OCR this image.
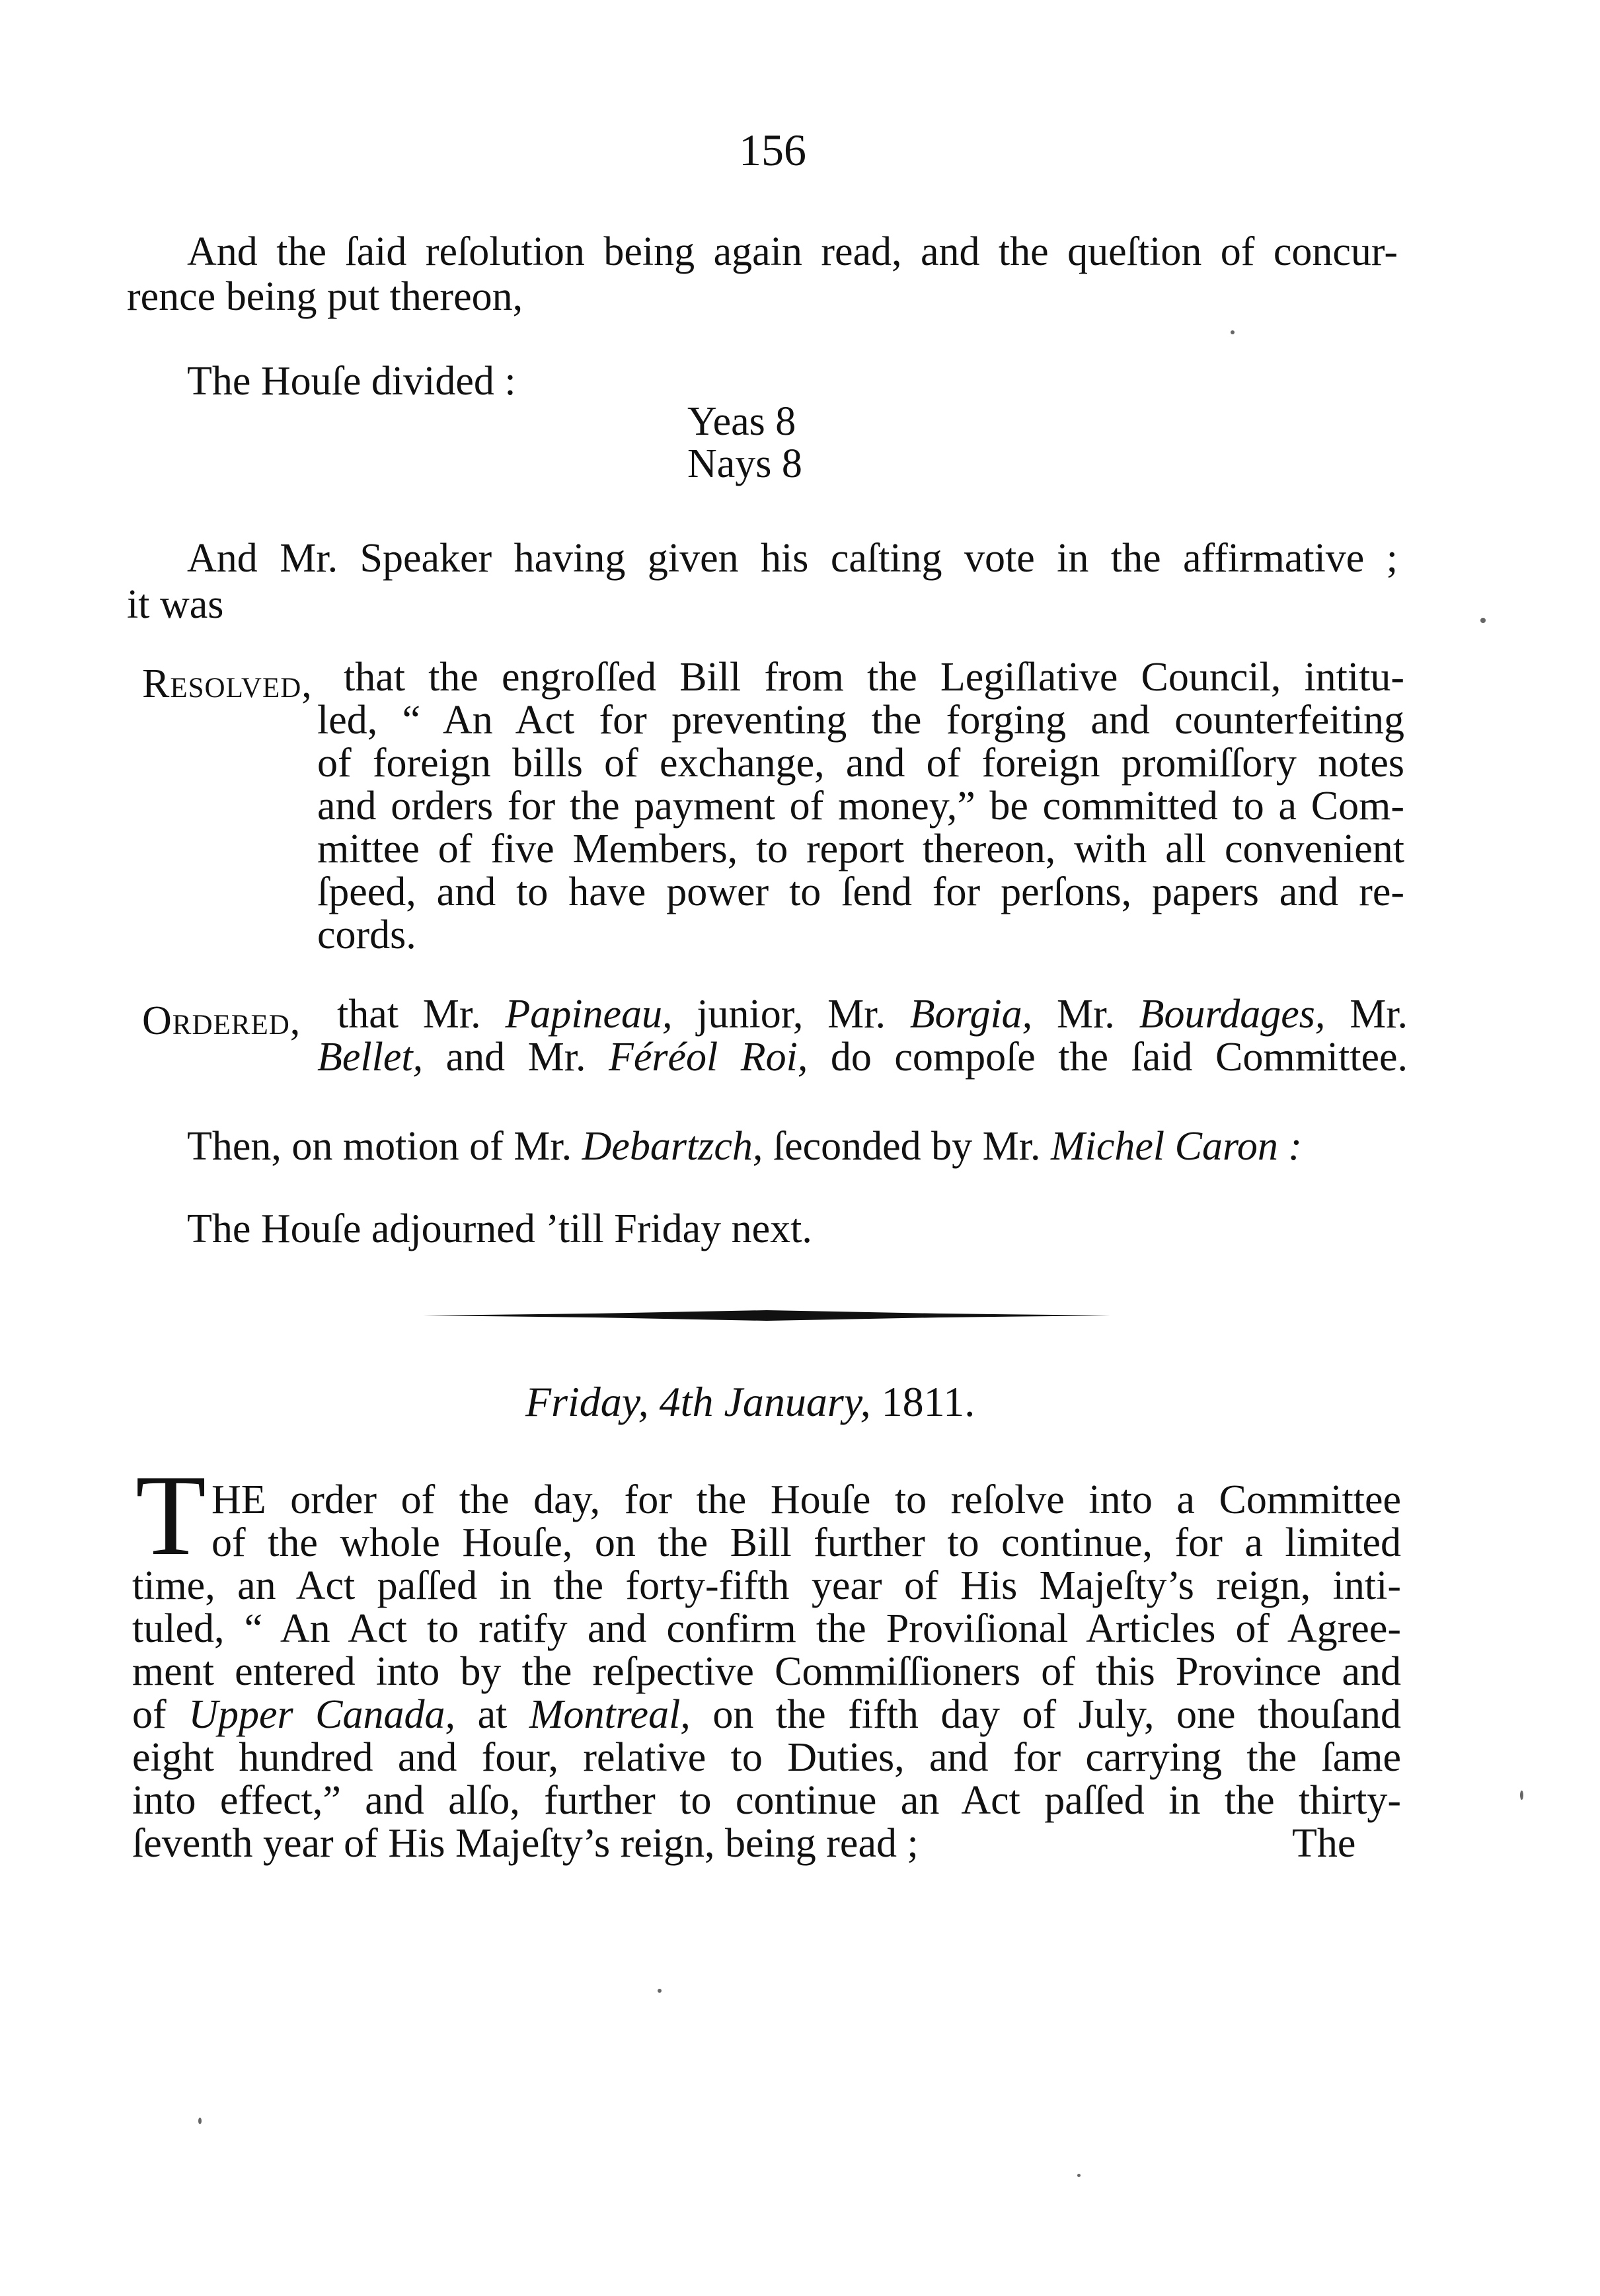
156
And the ſaid reſolution being again read, and the queſtion of concur-
rence being put thereon,
The Houſe divided :
Yeas 8
Nays 8
And Mr. Speaker having given his caſting vote in the affirmative ;
it was
Resolved, that the engroſſed Bill from the Legiſlative Council, intitu-
led, “ An Act for preventing the forging and counterfeiting
of foreign bills of exchange, and of foreign promiſſory notes
and orders for the payment of money,” be committed to a Com-
mittee of five Members, to report thereon, with all convenient
ſpeed, and to have power to ſend for perſons, papers and re-
cords.
Ordered, that Mr. Papineau, junior, Mr. Borgia, Mr. Bourdages, Mr.
Bellet, and Mr. Féréol Roi, do compoſe the ſaid Committee.
Then, on motion of Mr. Debartzch, ſeconded by Mr. Michel Caron :
The Houſe adjourned ’till Friday next.
Friday, 4th January, 1811.
T HE order of the day, for the Houſe to reſolve into a Committee
of the whole Houſe, on the Bill further to continue, for a limited
time, an Act paſſed in the forty-fifth year of His Majeſty’s reign, inti-
tuled, “ An Act to ratify and confirm the Proviſional Articles of Agree-
ment entered into by the reſpective Commiſſioners of this Province and
of Upper Canada, at Montreal, on the fifth day of July, one thouſand
eight hundred and four, relative to Duties, and for carrying the ſame
into effect,” and alſo, further to continue an Act paſſed in the thirty-
ſeventh year of His Majeſty’s reign, being read ;	The
